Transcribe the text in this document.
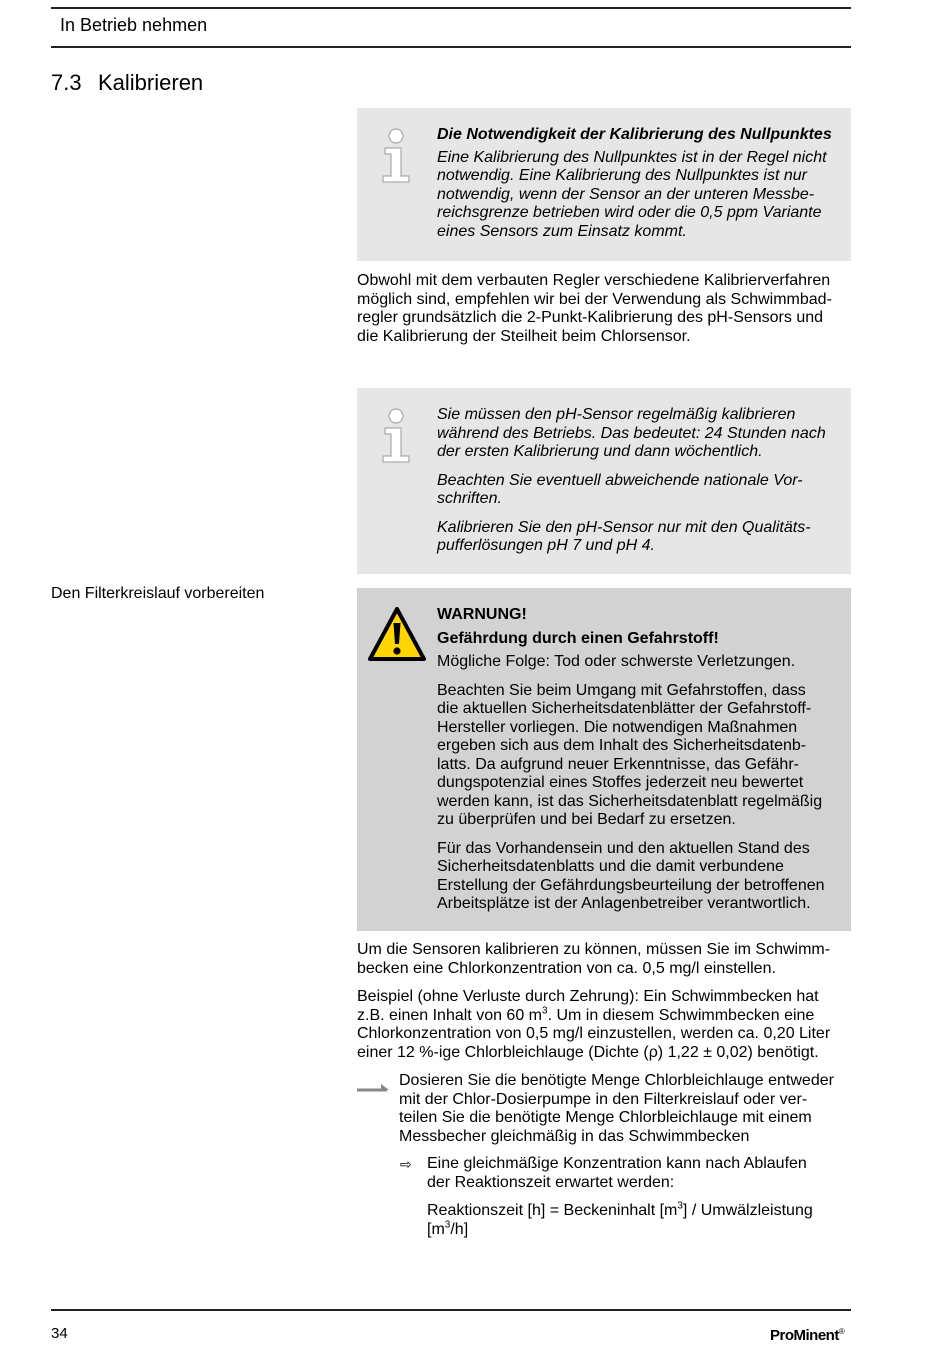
In Betrieb nehmen
7.3 Kalibrieren
Die Notwendigkeit der Kalibrierung des Nullpunktes
Eine Kalibrierung des Nullpunktes ist in der Regel nicht
notwendig. Eine Kalibrierung des Nullpunktes ist nur
notwendig, wenn der Sensor an der unteren Messbe-
reichsgrenze betrieben wird oder die 0,5 ppm Variante
eines Sensors zum Einsatz kommt.
Obwohl mit dem verbauten Regler verschiedene Kalibrierverfahren
möglich sind, empfehlen wir bei der Verwendung als Schwimmbad-
regler grundsätzlich die 2-Punkt-Kalibrierung des pH-Sensors und
die Kalibrierung der Steilheit beim Chlorsensor.

Sie müssen den pH-Sensor regelmäßig kalibrieren
während des Betriebs. Das bedeutet: 24 Stunden nach
der ersten Kalibrierung und dann wöchentlich.

Beachten Sie eventuell abweichende nationale Vor-
schriften.

Kalibrieren Sie den pH-Sensor nur mit den Qualitäts-
pufferlösungen pH 7 und pH 4.

Den Filterkreislauf vorbereiten
WARNUNG!
Gefährdung durch einen Gefahrstoff!

Mögliche Folge: Tod oder schwerste Verletzungen.

Beachten Sie beim Umgang mit Gefahrstoffen, dass
die aktuellen Sicherheitsdatenblätter der Gefahrstoff-
Hersteller vorliegen. Die notwendigen Maßnahmen
ergeben sich aus dem Inhalt des Sicherheitsdatenb-
latts. Da aufgrund neuer Erkenntnisse, das Gefähr-
dungspotenzial eines Stoffes jederzeit neu bewertet
werden kann, ist das Sicherheitsdatenblatt regelmäßig
zu überprüfen und bei Bedarf zu ersetzen.

Für das Vorhandensein und den aktuellen Stand des
Sicherheitsdatenblatts und die damit verbundene
Erstellung der Gefährdungsbeurteilung der betroffenen
Arbeitsplätze ist der Anlagenbetreiber verantwortlich.

Um die Sensoren kalibrieren zu können, müssen Sie im Schwimm-
becken eine Chlorkonzentration von ca. 0,5 mg/l einstellen.

Beispiel (ohne Verluste durch Zehrung): Ein Schwimmbecken hat
z.B. einen Inhalt von 60 $m^3$. Um in diesem Schwimmbecken eine
Chlorkonzentration von 0,5 mg/l einzustellen, werden ca. 0,20 Liter
einer 12 %-ige Chlorbleichlauge (Dichte (ρ) 1,22 ± 0,02) benötigt.

Dosieren Sie die benötigte Menge Chlorbleichlauge entweder
mit der Chlor-Dosierpumpe in den Filterkreislauf oder ver-
teilen Sie die benötigte Menge Chlorbleichlauge mit einem
Messbecher gleichmäßig in das Schwimmbecken
⇨ Eine gleichmäßige Konzentration kann nach Ablaufen
der Reaktionszeit erwartet werden:

Reaktionszeit [h] = Beckeninhalt $[m^3]$ / Umwälzleistung
$[m^3/h]$

34	ProMinent®
